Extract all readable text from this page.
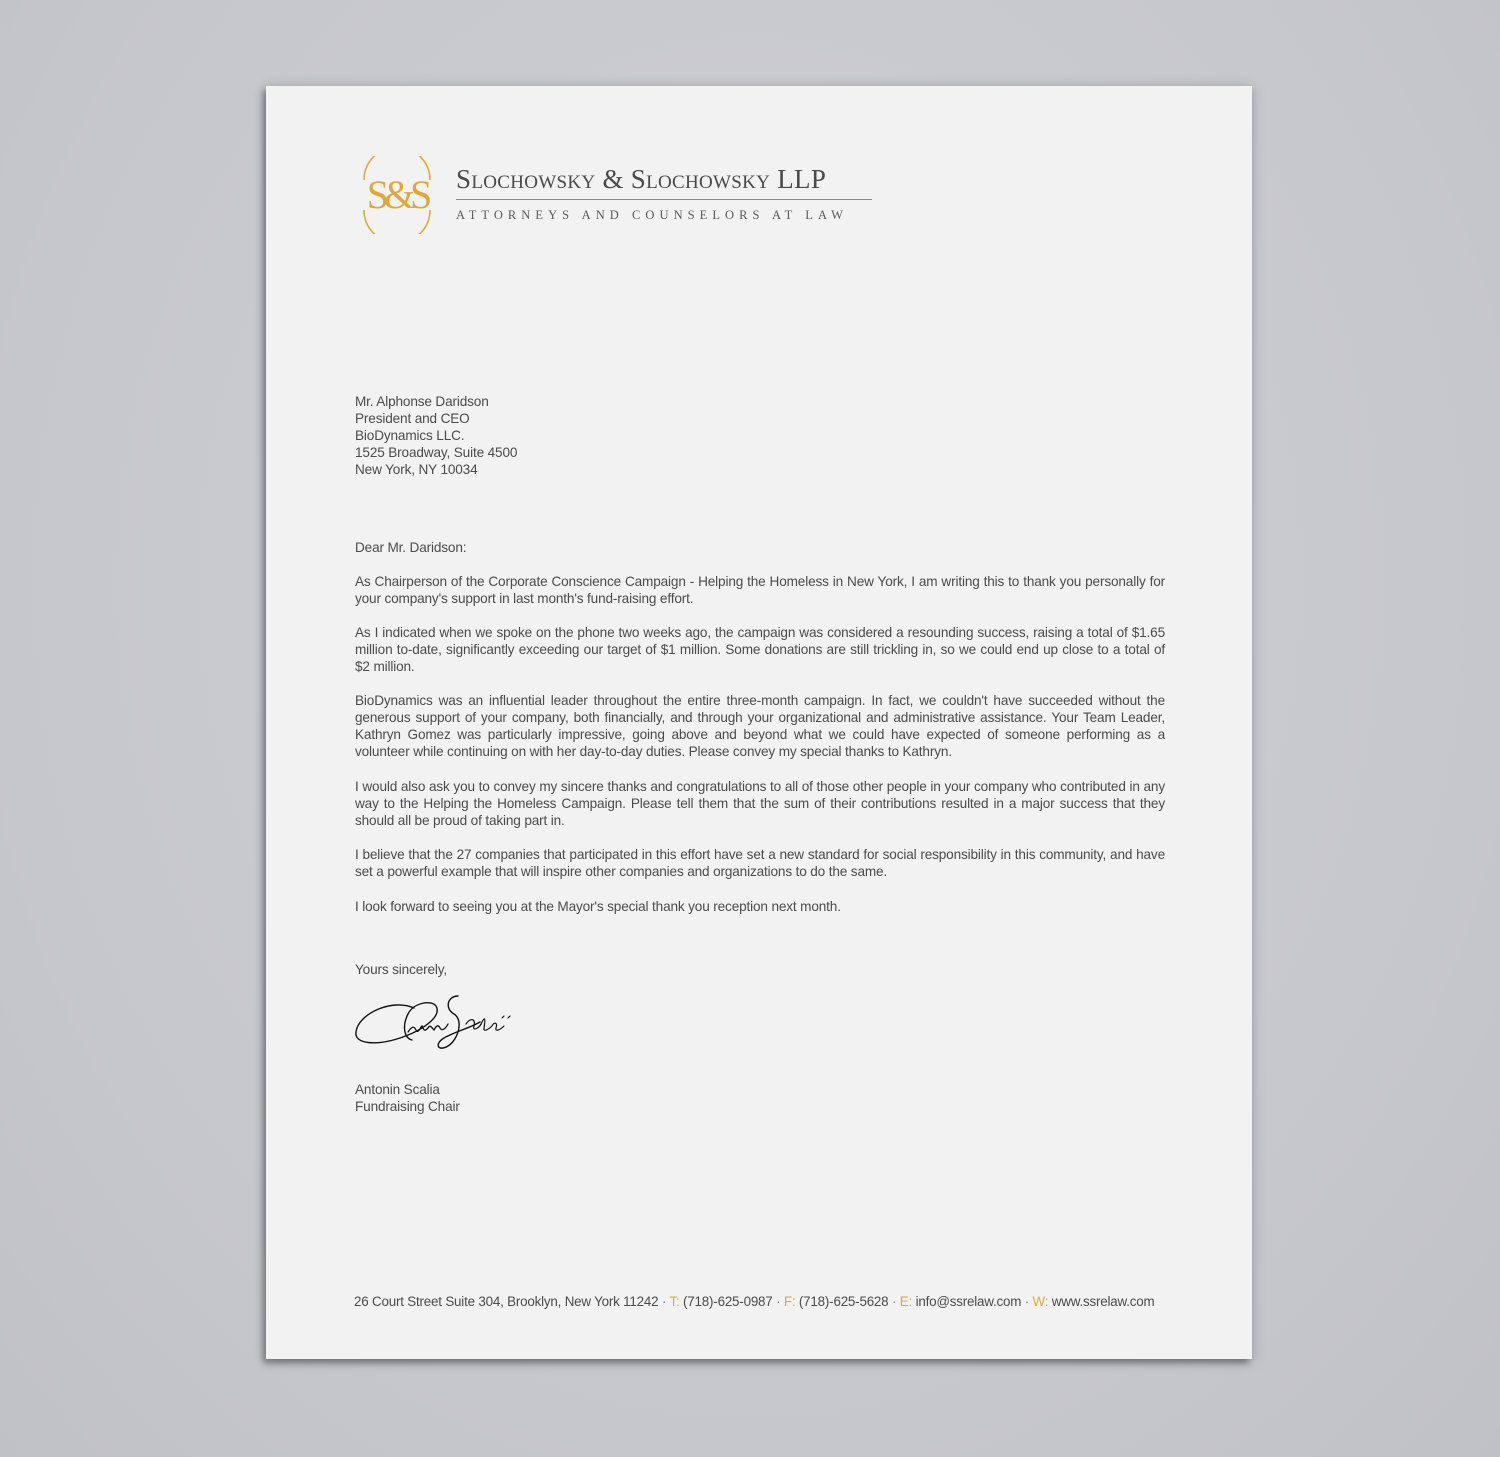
S&S Slochowsky & Slochowsky LLP
ATTORNEYS AND COUNSELORS AT LAW
Mr. Alphonse Daridson
President and CEO
BioDynamics LLC.
1525 Broadway, Suite 4500
New York, NY 10034
Dear Mr. Daridson:
As Chairperson of the Corporate Conscience Campaign - Helping the Homeless in New York, I am writing this to thank you personally for your company's support in last month's fund-raising effort.
As I indicated when we spoke on the phone two weeks ago, the campaign was considered a resounding success, raising a total of $1.65 million to-date, significantly exceeding our target of $1 million. Some donations are still trickling in, so we could end up close to a total of $2 million.
BioDynamics was an influential leader throughout the entire three-month campaign. In fact, we couldn't have succeeded without the generous support of your company, both financially, and through your organizational and administrative assistance. Your Team Leader, Kathryn Gomez was particularly impressive, going above and beyond what we could have expected of someone performing as a volunteer while continuing on with her day-to-day duties. Please convey my special thanks to Kathryn.
I would also ask you to convey my sincere thanks and congratulations to all of those other people in your company who contributed in any way to the Helping the Homeless Campaign. Please tell them that the sum of their contributions resulted in a major success that they should all be proud of taking part in.
I believe that the 27 companies that participated in this effort have set a new standard for social responsibility in this community, and have set a powerful example that will inspire other companies and organizations to do the same.
I look forward to seeing you at the Mayor's special thank you reception next month.
Yours sincerely,
Antonin Scalia
Fundraising Chair
26 Court Street Suite 304, Brooklyn, New York 11242 · T: (718)-625-0987 · F: (718)-625-5628 · E: info@ssrelaw.com · W: www.ssrelaw.com
